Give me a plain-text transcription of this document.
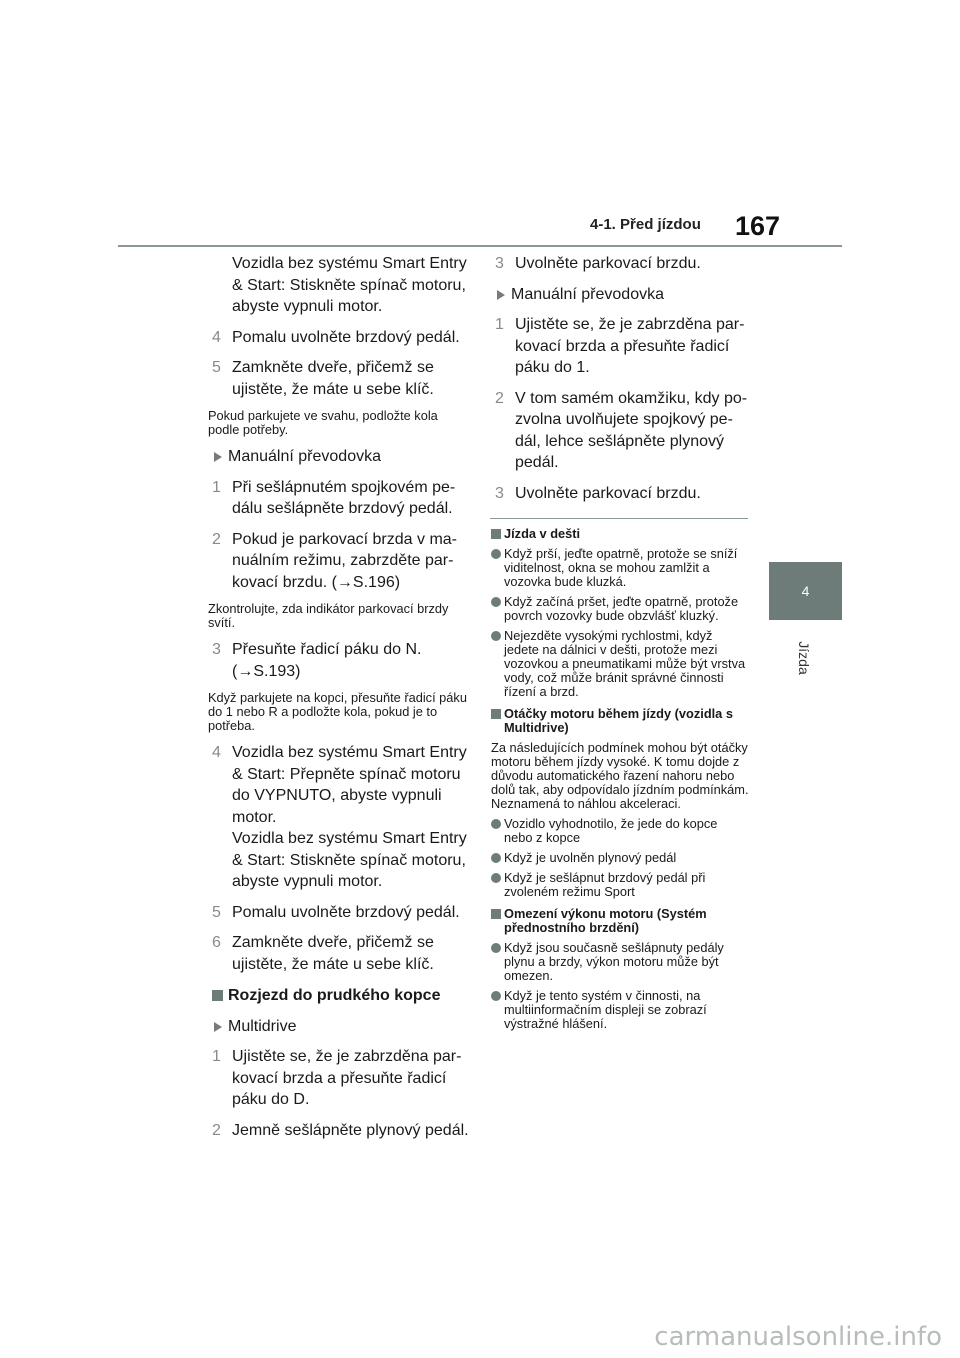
4-1. Před jízdou 167
4
Jízda
Vozidla bez systému Smart Entry & Start: Stiskněte spínač motoru, abyste vypnuli motor.
4 Pomalu uvolněte brzdový pedál.
5 Zamkněte dveře, přičemž se ujistěte, že máte u sebe klíč.
Pokud parkujete ve svahu, podložte kola podle potřeby.
Manuální převodovka
1 Při sešlápnutém spojkovém pedálu sešlápněte brzdový pedál.
2 Pokud je parkovací brzda v manuálním režimu, zabrzděte parkovací brzdu. (→S.196)
Zkontrolujte, zda indikátor parkovací brzdy svítí.
3 Přesuňte řadicí páku do N. (→S.193)
Když parkujete na kopci, přesuňte řadicí páku do 1 nebo R a podložte kola, pokud je to potřeba.
4 Vozidla bez systému Smart Entry & Start: Přepněte spínač motoru do VYPNUTO, abyste vypnuli motor.
Vozidla bez systému Smart Entry & Start: Stiskněte spínač motoru, abyste vypnuli motor.
5 Pomalu uvolněte brzdový pedál.
6 Zamkněte dveře, přičemž se ujistěte, že máte u sebe klíč.
Rozjezd do prudkého kopce
Multidrive
1 Ujistěte se, že je zabrzděna parkovací brzda a přesuňte řadicí páku do D.
2 Jemně sešlápněte plynový pedál.
3 Uvolněte parkovací brzdu.
Manuální převodovka
1 Ujistěte se, že je zabrzděna parkovací brzda a přesuňte řadicí páku do 1.
2 V tom samém okamžiku, kdy pozvolna uvolňujete spojkový pedál, lehce sešlápněte plynový pedál.
3 Uvolněte parkovací brzdu.
Jízda v dešti
Když prší, jeďte opatrně, protože se sníží viditelnost, okna se mohou zamlžit a vozovka bude kluzká.
Když začíná pršet, jeďte opatrně, protože povrch vozovky bude obzvlášť kluzký.
Nejezděte vysokými rychlostmi, když jedete na dálnici v dešti, protože mezi vozovkou a pneumatikami může být vrstva vody, což může bránit správné činnosti řízení a brzd.
Otáčky motoru během jízdy (vozidla s Multidrive)
Za následujících podmínek mohou být otáčky motoru během jízdy vysoké. K tomu dojde z důvodu automatického řazení nahoru nebo dolů tak, aby odpovídalo jízdním podmínkám. Neznamená to náhlou akceleraci.
Vozidlo vyhodnotilo, že jede do kopce nebo z kopce
Když je uvolněn plynový pedál
Když je sešlápnut brzdový pedál při zvoleném režimu Sport
Omezení výkonu motoru (Systém přednostního brzdění)
Když jsou současně sešlápnuty pedály plynu a brzdy, výkon motoru může být omezen.
Když je tento systém v činnosti, na multiinformačním displeji se zobrazí výstražné hlášení.
carmanualsonline.info
